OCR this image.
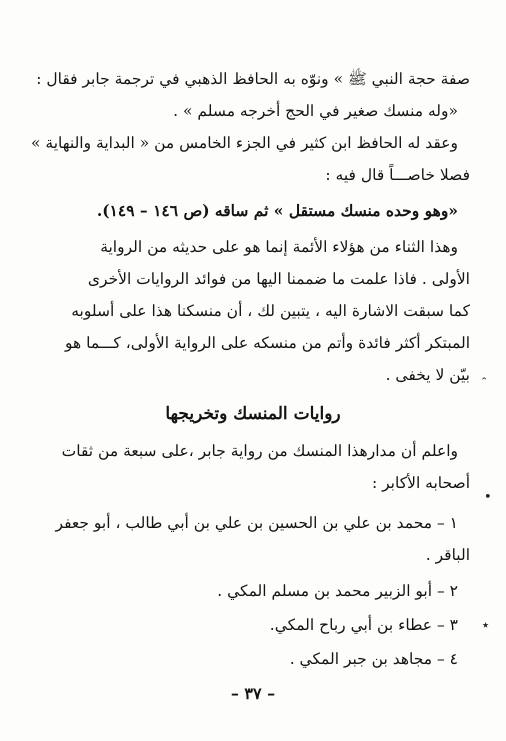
صفة حجة النبي ﷺ » ونوّه به الحافظ الذهبي في ترجمة جابر فقال :
«وله منسك صغير في الحج أخرجه مسلم » .
وعقد له الحافظ ابن كثير في الجزء الخامس من « البداية والنهاية »
فصلا خاصـــاً قال فيه :
«وهو وحده منسك مستقل » ثم ساقه (ص ١٤٦ – ١٤٩).
وهذا الثناء من هؤلاء الأئمة إنما هو على حديثه من الرواية
الأولى . فاذا علمت ما ضممنا اليها من فوائد الروايات الأخرى
كما سبقت الاشارة اليه ، يتبين لك ، أن منسكنا هذا على أسلوبه
المبتكر أكثر فائدة وأتم من منسكه على الرواية الأولى، كـــما هو
بيّن لا يخفى .
روايات المنسك وتخريجها
واعلم أن مدارهذا المنسك من رواية جابر ،على سبعة من ثقات
أصحابه الأكابر :
١ – محمد بن علي بن الحسين بن علي بن أبي طالب ، أبو جعفر
الباقر .
٢ – أبو الزبير محمد بن مسلم المكي .
٣ – عطاء بن أبي رباح المكي.
٤ – مجاهد بن جبر المكي .
– ٣٧ –
ꞈ
•
٭
